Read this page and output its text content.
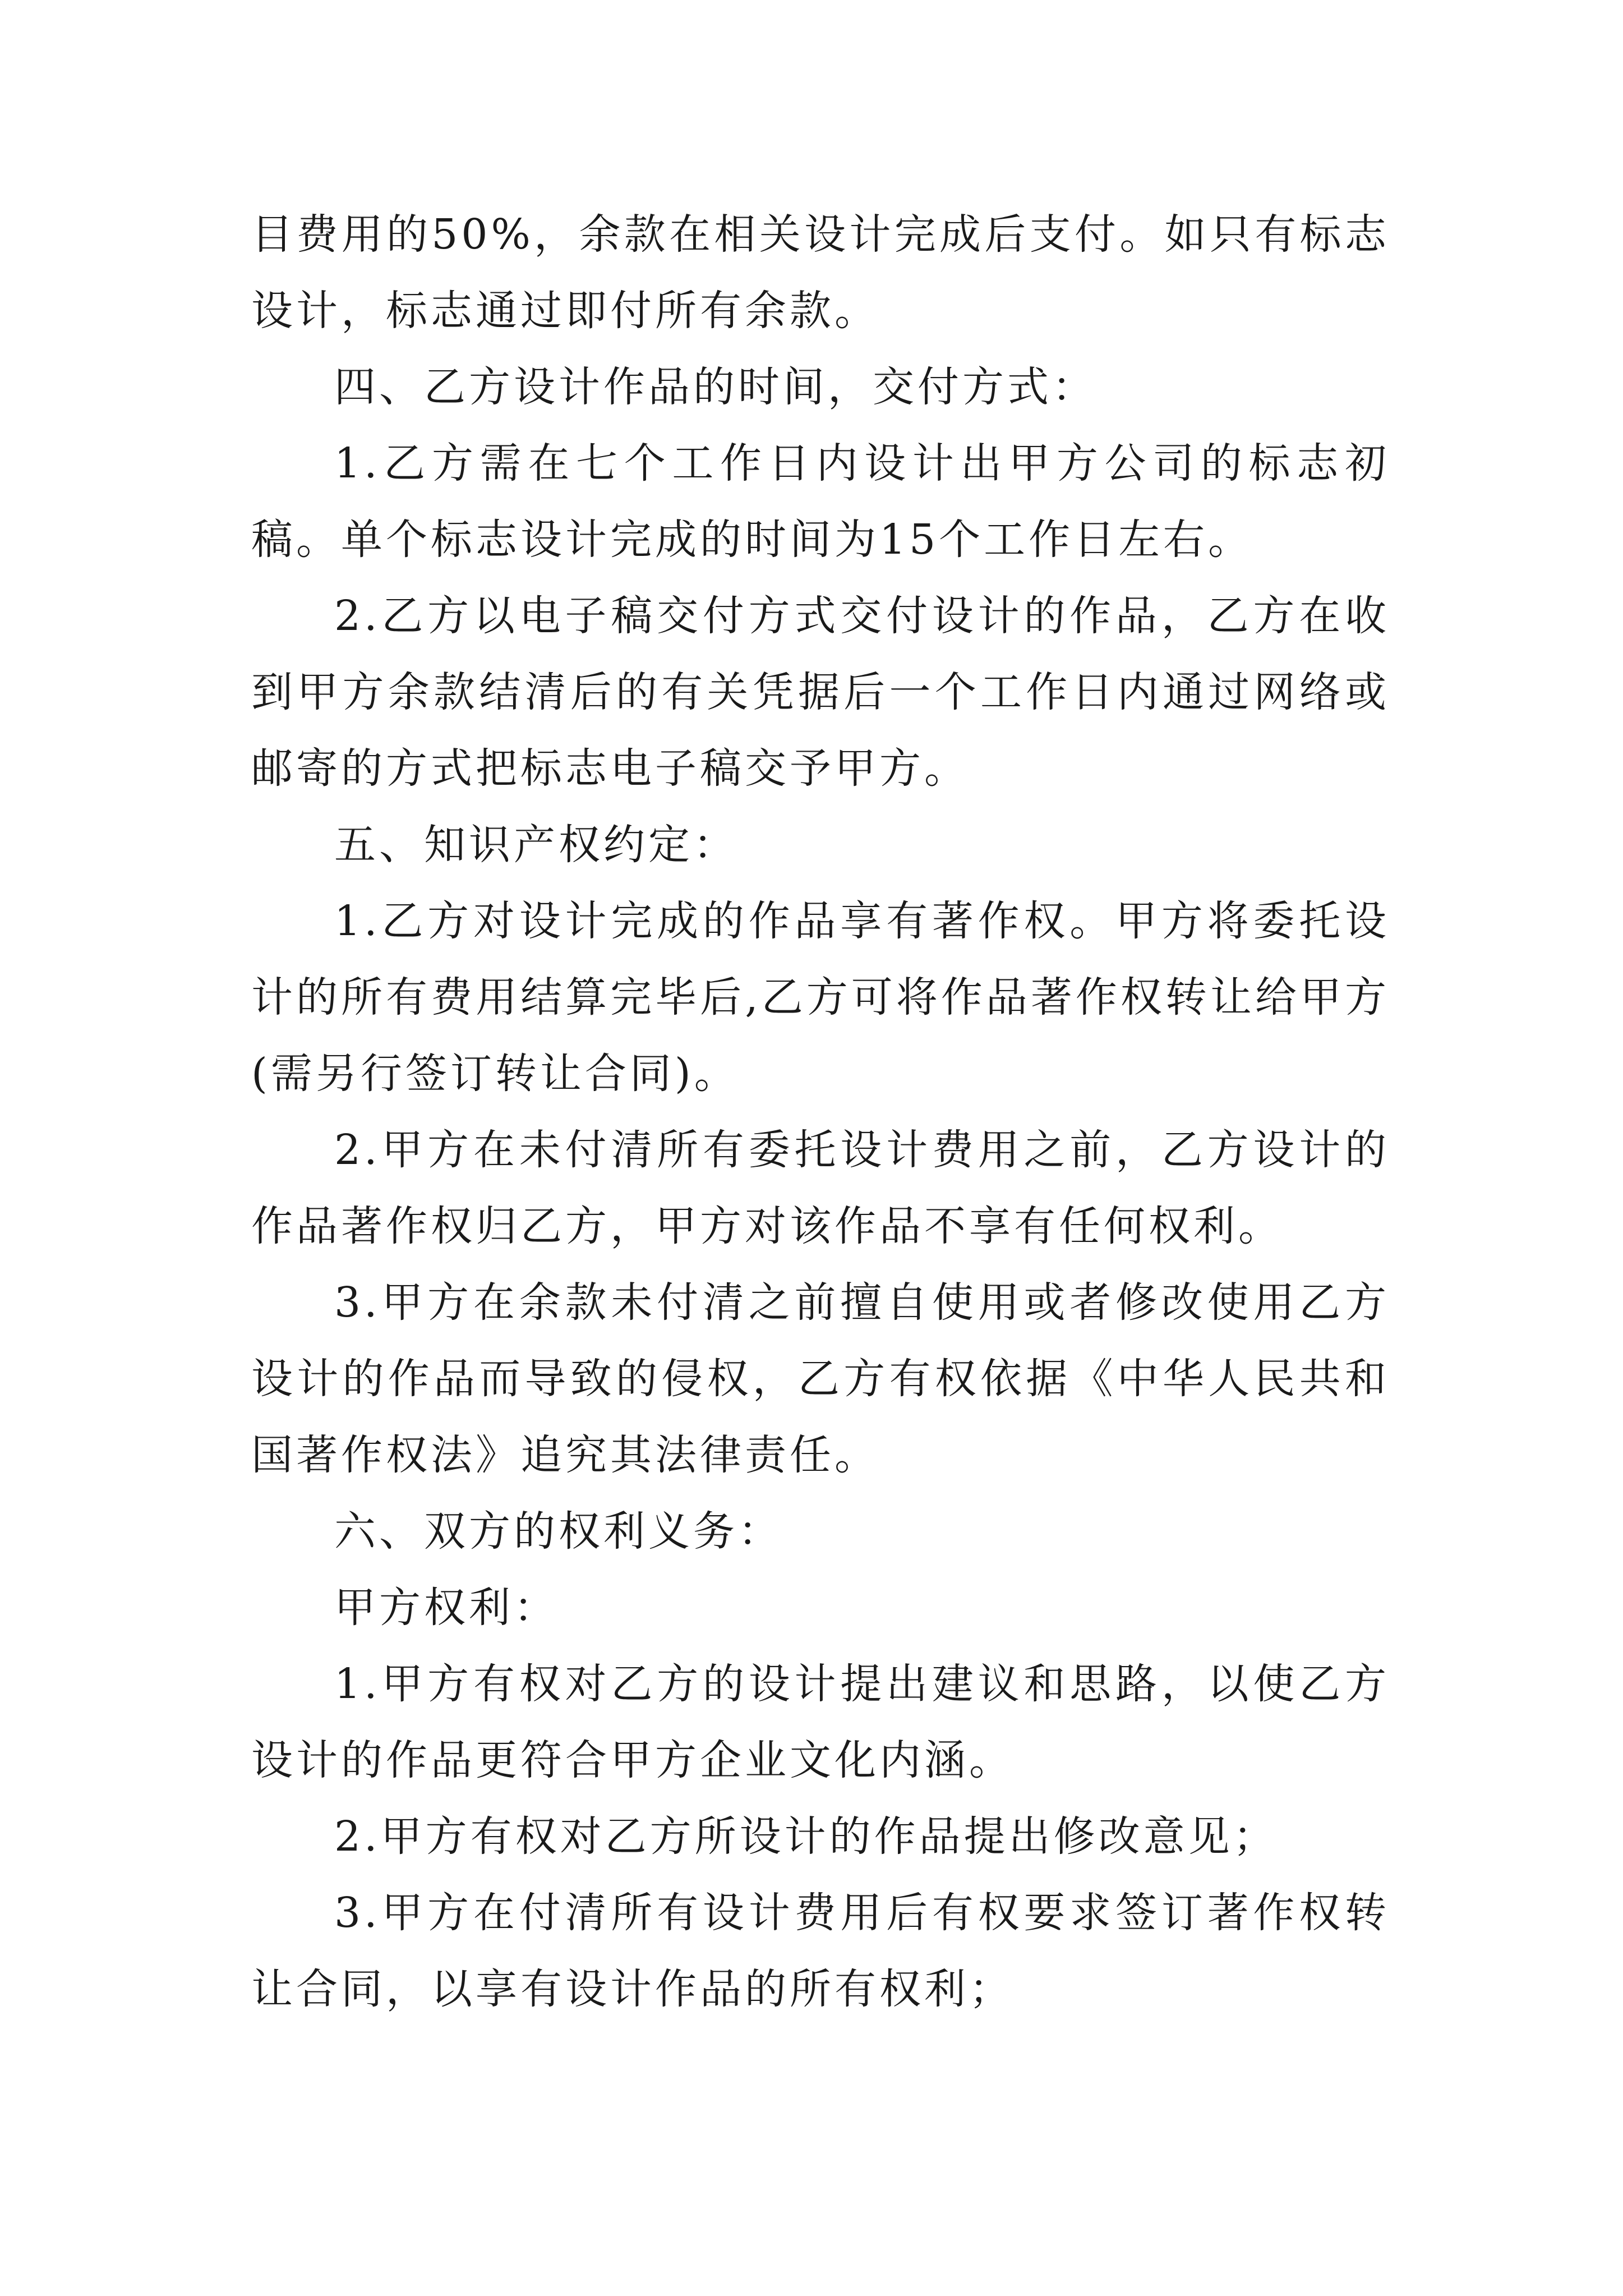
目费用的50%，余款在相关设计完成后支付。如只有标志设计，标志通过即付所有余款。

四、乙方设计作品的时间，交付方式：

1.乙方需在七个工作日内设计出甲方公司的标志初稿。单个标志设计完成的时间为15个工作日左右。

2.乙方以电子稿交付方式交付设计的作品，乙方在收到甲方余款结清后的有关凭据后一个工作日内通过网络或邮寄的方式把标志电子稿交予甲方。

五、知识产权约定：

1.乙方对设计完成的作品享有著作权。甲方将委托设计的所有费用结算完毕后,乙方可将作品著作权转让给甲方(需另行签订转让合同)。

2.甲方在未付清所有委托设计费用之前，乙方设计的作品著作权归乙方，甲方对该作品不享有任何权利。

3.甲方在余款未付清之前擅自使用或者修改使用乙方设计的作品而导致的侵权，乙方有权依据《中华人民共和国著作权法》追究其法律责任。

六、双方的权利义务：

甲方权利：

1.甲方有权对乙方的设计提出建议和思路，以使乙方设计的作品更符合甲方企业文化内涵。

2.甲方有权对乙方所设计的作品提出修改意见；

3.甲方在付清所有设计费用后有权要求签订著作权转让合同，以享有设计作品的所有权利；
